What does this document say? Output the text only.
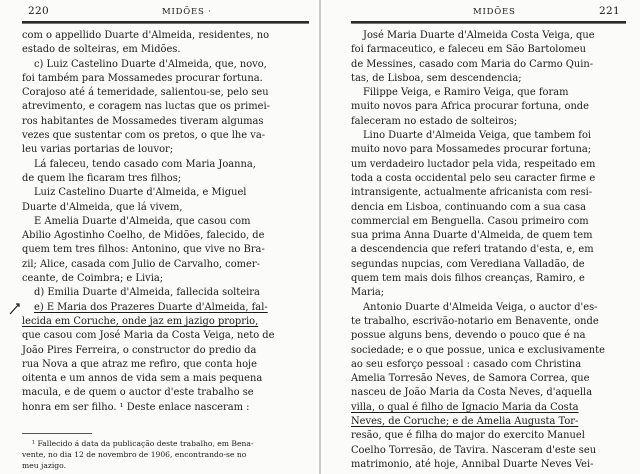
220	MIDÕES ·

com o appellido Duarte d'Almeida, residentes, no

estado de solteiras, em Midões.

c) Luiz Castelino Duarte d'Almeida, que, novo,

foi também para Mossamedes procurar fortuna.

Corajoso até á temeridade, salientou-se, pelo seu

atrevimento, e coragem nas luctas que os primei-

ros habitantes de Mossamedes tiveram algumas

vezes que sustentar com os pretos, o que lhe va-

leu varias portarias de louvor;

Lá faleceu, tendo casado com Maria Joanna,

de quem lhe ficaram tres filhos;

Luiz Castelino Duarte d'Almeida, e Miguel

Duarte d'Almeida, que lá vivem,

E Amelia Duarte d'Almeida, que casou com

Abilio Agostinho Coelho, de Midões, falecido, de

quem tem tres filhos: Antonino, que vive no Bra-

zil; Alice, casada com Julio de Carvalho, comer-

ceante, de Coimbra; e Livia;

d) Emilia Duarte d'Almeida, fallecida solteira

e) E Maria dos Prazeres Duarte d'Almeida, fal-

lecida em Coruche, onde jaz em jazigo proprio,

que casou com José Maria da Costa Veiga, neto de

João Pires Ferreira, o constructor do predio da

rua Nova a que atraz me refiro, que conta hoje

oitenta e um annos de vida sem a mais pequena

macula, e de quem o auctor d'este trabalho se

honra em ser filho. ¹ Deste enlace nasceram :

¹ Fallecido á data da publicação deste trabalho, em Bena-

vente, no dia 12 de novembro de 1906, encontrando-se no

meu jazigo.

MIDÕES	221

José Maria Duarte d'Almeida Costa Veiga, que

foi farmaceutico, e faleceu em São Bartolomeu

de Messines, casado com Maria do Carmo Quin-

tas, de Lisboa, sem descendencia;

Filippe Veiga, e Ramiro Veiga, que foram

muito novos para Africa procurar fortuna, onde

faleceram no estado de solteiros;

Lino Duarte d'Almeida Veiga, que tambem foi

muito novo para Mossamedes procurar fortuna;

um verdadeiro luctador pela vida, respeitado em

toda a costa occidental pelo seu caracter firme e

intransigente, actualmente africanista com resi-

dencia em Lisboa, continuando com a sua casa

commercial em Benguella. Casou primeiro com

sua prima Anna Duarte d'Almeida, de quem tem

a descendencia que referi tratando d'esta, e, em

segundas nupcias, com Verediana Valladão, de

quem tem mais dois filhos creanças, Ramiro, e

Maria;

Antonio Duarte d'Almeida Veiga, o auctor d'es-

te trabalho, escrivão-notario em Benavente, onde

possue alguns bens, devendo o pouco que é na

sociedade; e o que possue, unica e exclusivamente

ao seu esforço pessoal : casado com Christina

Amelia Torresão Neves, de Samora Correa, que

nasceu de João Maria da Costa Neves, d'aquella

villa, o qual é filho de Ignacio Maria da Costa

Neves, de Coruche; e de Amelia Augusta Tor-

resão, que é filha do major do exercito Manuel

Coelho Torresão, de Tavira. Nasceram d'este seu

matrimonio, até hoje, Annibal Duarte Neves Vei-
